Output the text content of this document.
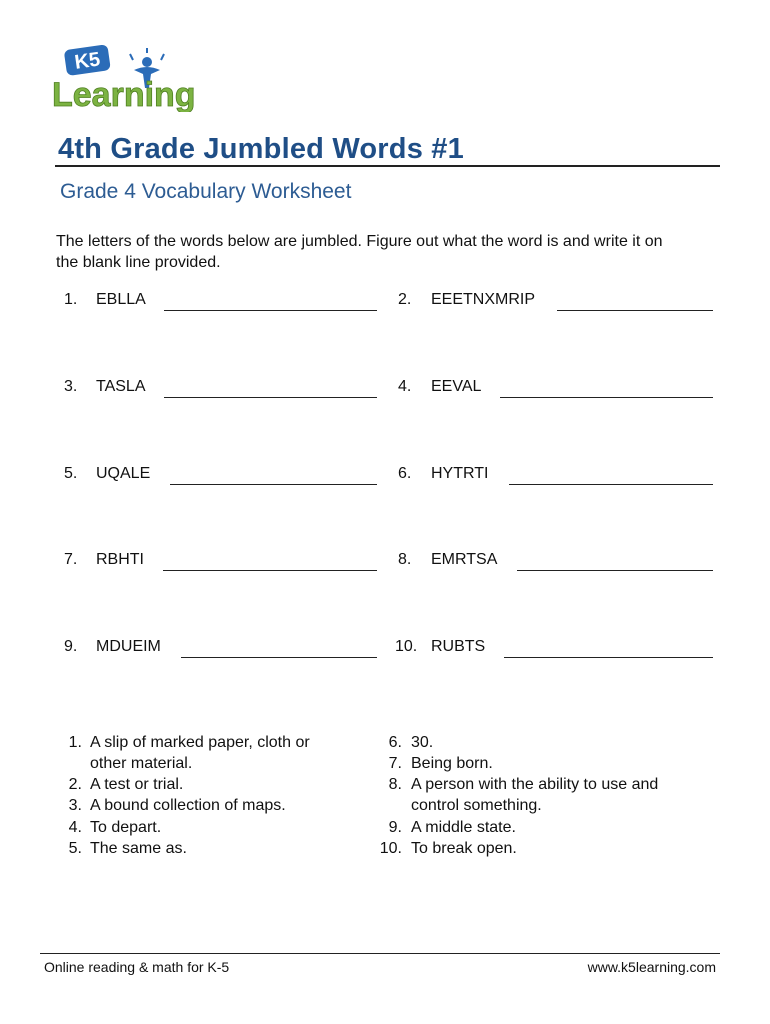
K5
Learning
4th Grade Jumbled Words #1
Grade 4 Vocabulary Worksheet
The letters of the words below are jumbled. Figure out what the word is and write it on the blank line provided.
1. EBLLA	2. EEETNXMRIP
3. TASLA	4. EEVAL
5. UQALE	6. HYTRTI
7. RBHTI	8. EMRTSA
9. MDUEIM	10. RUBTS
1. A slip of marked paper, cloth or
other material.
2. A test or trial.
3. A bound collection of maps.
4. To depart.
5. The same as.
6. 30.
7. Being born.
8. A person with the ability to use and
control something.
9. A middle state.
10. To break open.
Online reading & math for K-5	www.k5learning.com
